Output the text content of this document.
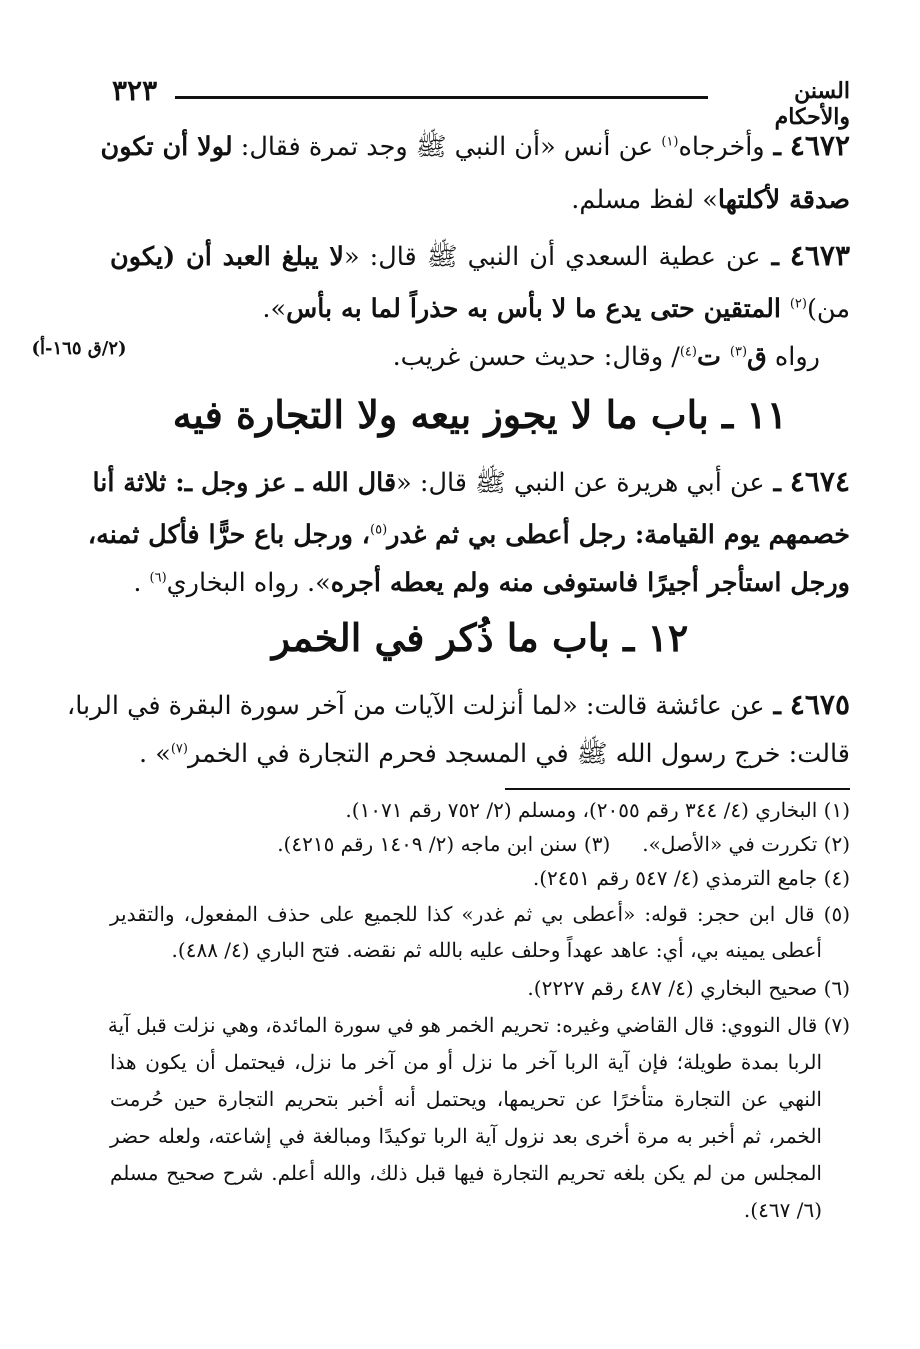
السنن والأحكام
٣٢٣
٤٦٧٢ ـ وأخرجاه$^{(١)}$ عن أنس «أن النبي ﷺ وجد تمرة فقال: لولا أن تكون
صدقة لأكلتها» لفظ مسلم.
٤٦٧٣ ـ عن عطية السعدي أن النبي ﷺ قال: «لا يبلغ العبد أن (يكون
من)$^{(٢)}$ المتقين حتى يدع ما لا بأس به حذراً لما به بأس».
رواه ق$^{(٣)}$ ت$^{(٤)}$/ وقال: حديث حسن غريب.
(٢/ق ١٦٥-أ)
١١ ـ باب ما لا يجوز بيعه ولا التجارة فيه
٤٦٧٤ ـ عن أبي هريرة عن النبي ﷺ قال: «قال الله ـ عز وجل ـ: ثلاثة أنا
خصمهم يوم القيامة: رجل أعطى بي ثم غدر$^{(٥)}$، ورجل باع حرًّا فأكل ثمنه،
ورجل استأجر أجيرًا فاستوفى منه ولم يعطه أجره». رواه البخاري$^{(٦)}$ .
١٢ ـ باب ما ذُكر في الخمر
٤٦٧٥ ـ عن عائشة قالت: «لما أنزلت الآيات من آخر سورة البقرة في الربا،
قالت: خرج رسول الله ﷺ في المسجد فحرم التجارة في الخمر$^{(٧)}$» .
(١) البخاري (٤/ ٣٤٤ رقم ٢٠٥٥)، ومسلم (٢/ ٧٥٢ رقم ١٠٧١).
(٢) تكررت في «الأصل».(٣) سنن ابن ماجه (٢/ ١٤٠٩ رقم ٤٢١٥).
(٤) جامع الترمذي (٤/ ٥٤٧ رقم ٢٤٥١).
(٥) قال ابن حجر: قوله: «أعطى بي ثم غدر» كذا للجميع على حذف المفعول، والتقدير
أعطى يمينه بي، أي: عاهد عهداً وحلف عليه بالله ثم نقضه. فتح الباري (٤/ ٤٨٨).
(٦) صحيح البخاري (٤/ ٤٨٧ رقم ٢٢٢٧).
(٧) قال النووي: قال القاضي وغيره: تحريم الخمر هو في سورة المائدة، وهي نزلت قبل آية
الربا بمدة طويلة؛ فإن آية الربا آخر ما نزل أو من آخر ما نزل، فيحتمل أن يكون هذا
النهي عن التجارة متأخرًا عن تحريمها، ويحتمل أنه أخبر بتحريم التجارة حين حُرمت
الخمر، ثم أخبر به مرة أخرى بعد نزول آية الربا توكيدًا ومبالغة في إشاعته، ولعله حضر
المجلس من لم يكن بلغه تحريم التجارة فيها قبل ذلك، والله أعلم. شرح صحيح مسلم
(٦/ ٤٦٧).
